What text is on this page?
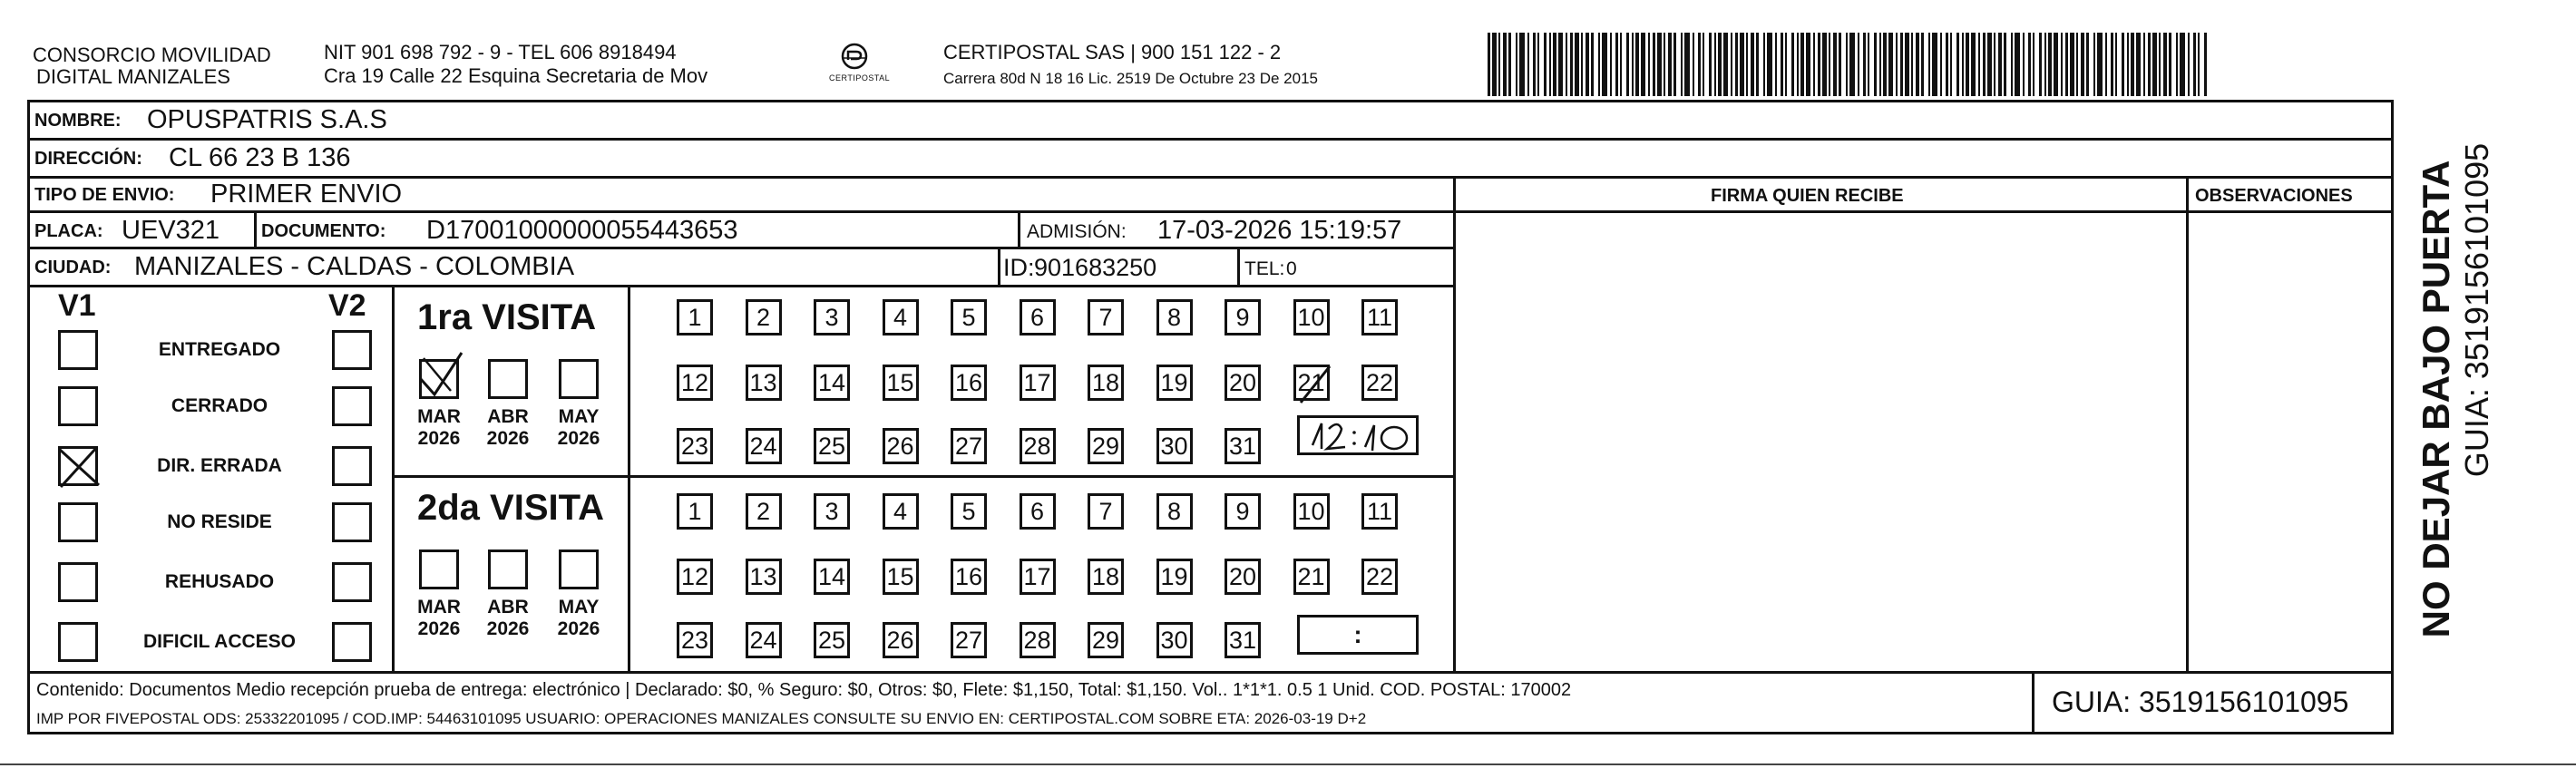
CONSORCIO MOVILIDAD
DIGITAL MANIZALES
NIT 901 698 792 - 9 - TEL 606 8918494
Cra 19 Calle 22 Esquina Secretaria de Mov	CERTIPOSTAL
CERTIPOSTAL SAS | 900 151 122 - 2
Carrera 80d N 18 16 Lic. 2519 De Octubre 23 De 2015
NOMBRE: OPUSPATRIS S.A.S
DIRECCIÓN: CL 66 23 B 136
TIPO DE ENVIO: PRIMER ENVIO
PLACA: UEV321 DOCUMENTO: D17001000000055443653	ADMISIÓN: 17-03-2026 15:19:57
CIUDAD: MANIZALES - CALDAS - COLOMBIA	ID: 901683250	TEL: 0
FIRMA QUIEN RECIBE	OBSERVACIONES NO DEJAR BAJO PUERTA GUIA: 3519156101095
V1	V2
ENTREGADO
CERRADO
DIR. ERRADA
NO RESIDE
REHUSADO
DIFICIL ACCESO
1ra VISITA
2da VISITA
MAR
2026
ABR
2026
MAY
2026
MAR
2026
ABR
2026
MAY
2026
1 2 3 4 5 6 7 8 9 10 11
12 13 14 15 16 17 18 19 20 21 22
23 24 25 26 27 28 29 30 31
1 2 3 4 5 6 7 8 9 10 11
12 13 14 15 16 17 18 19 20 21 22
23 24 25 26 27 28 29 30 31	:
Contenido: Documentos Medio recepción prueba de entrega: electrónico | Declarado: $0, % Seguro: $0, Otros: $0, Flete: $1,150, Total: $1,150. Vol.. 1*1*1. 0.5 1 Unid. COD. POSTAL: 170002
IMP POR FIVEPOSTAL ODS: 25332201095 / COD.IMP: 54463101095 USUARIO: OPERACIONES MANIZALES CONSULTE SU ENVIO EN: CERTIPOSTAL.COM SOBRE ETA: 2026-03-19 D+2
GUIA: 3519156101095
